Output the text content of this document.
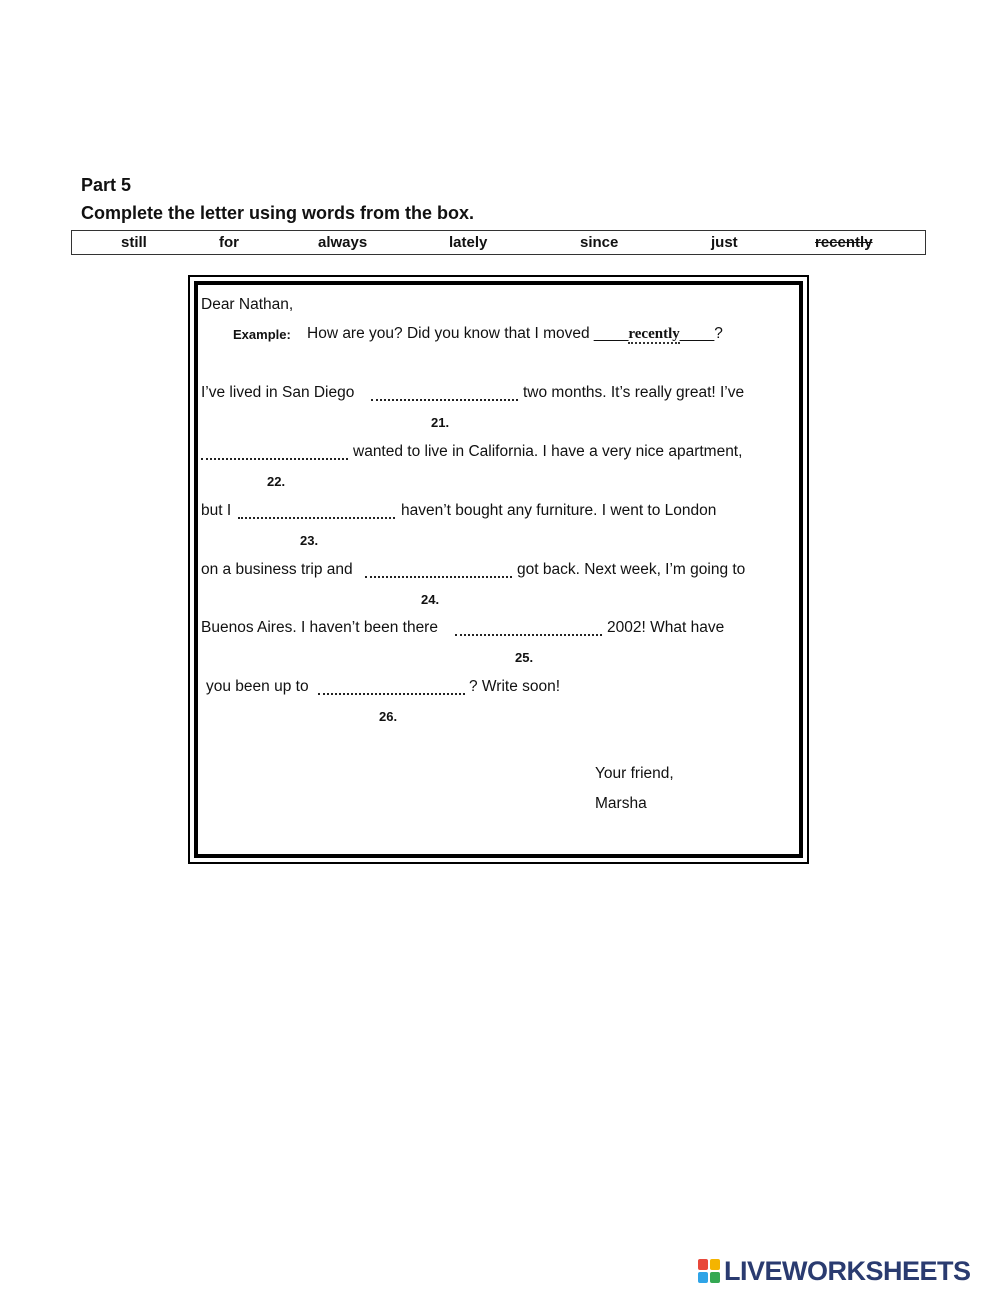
Part 5
Complete the letter using words from the box.
still	for	always	lately	since	just	recently
Dear Nathan,
Example: How are you? Did you know that I moved ____recently____?
I’ve lived in San Diego	two months. It’s really great! I’ve
21.
wanted to live in California. I have a very nice apartment,
22.
but I	haven’t bought any furniture. I went to London
23.
on a business trip and	got back. Next week, I’m going to
24.
Buenos Aires. I haven’t been there	2002! What have
25.
you been up to	? Write soon!
26.
Your friend,
Marsha
LIVEWORKSHEETS
